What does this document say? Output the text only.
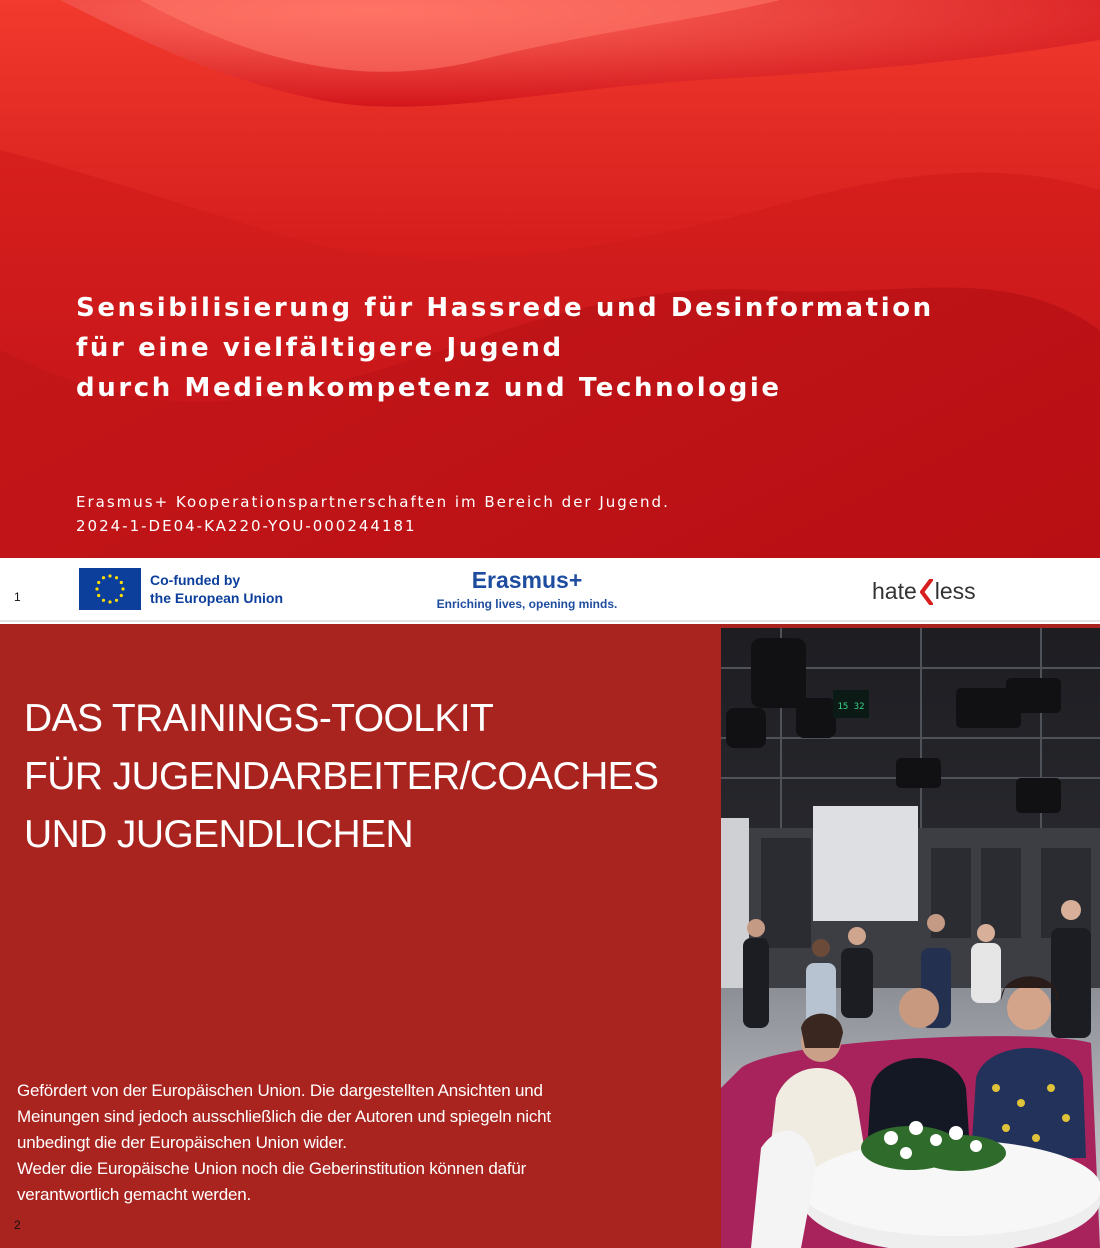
Sensibilisierung für Hassrede und Desinformation
für eine vielfältigere Jugend
durch Medienkompetenz und Technologie
Erasmus+ Kooperationspartnerschaften im Bereich der Jugend.
2024-1-DE04-KA220-YOU-000244181
1
Co-funded by
the European Union
Erasmus+
Enriching lives, opening minds.	hate less
DAS TRAININGS-TOOLKIT
FÜR JUGENDARBEITER/COACHES
UND JUGENDLICHEN
Gefördert von der Europäischen Union. Die dargestellten Ansichten und
Meinungen sind jedoch ausschließlich die der Autoren und spiegeln nicht
unbedingt die der Europäischen Union wider.
Weder die Europäische Union noch die Geberinstitution können dafür
verantwortlich gemacht werden.
2
15 32
